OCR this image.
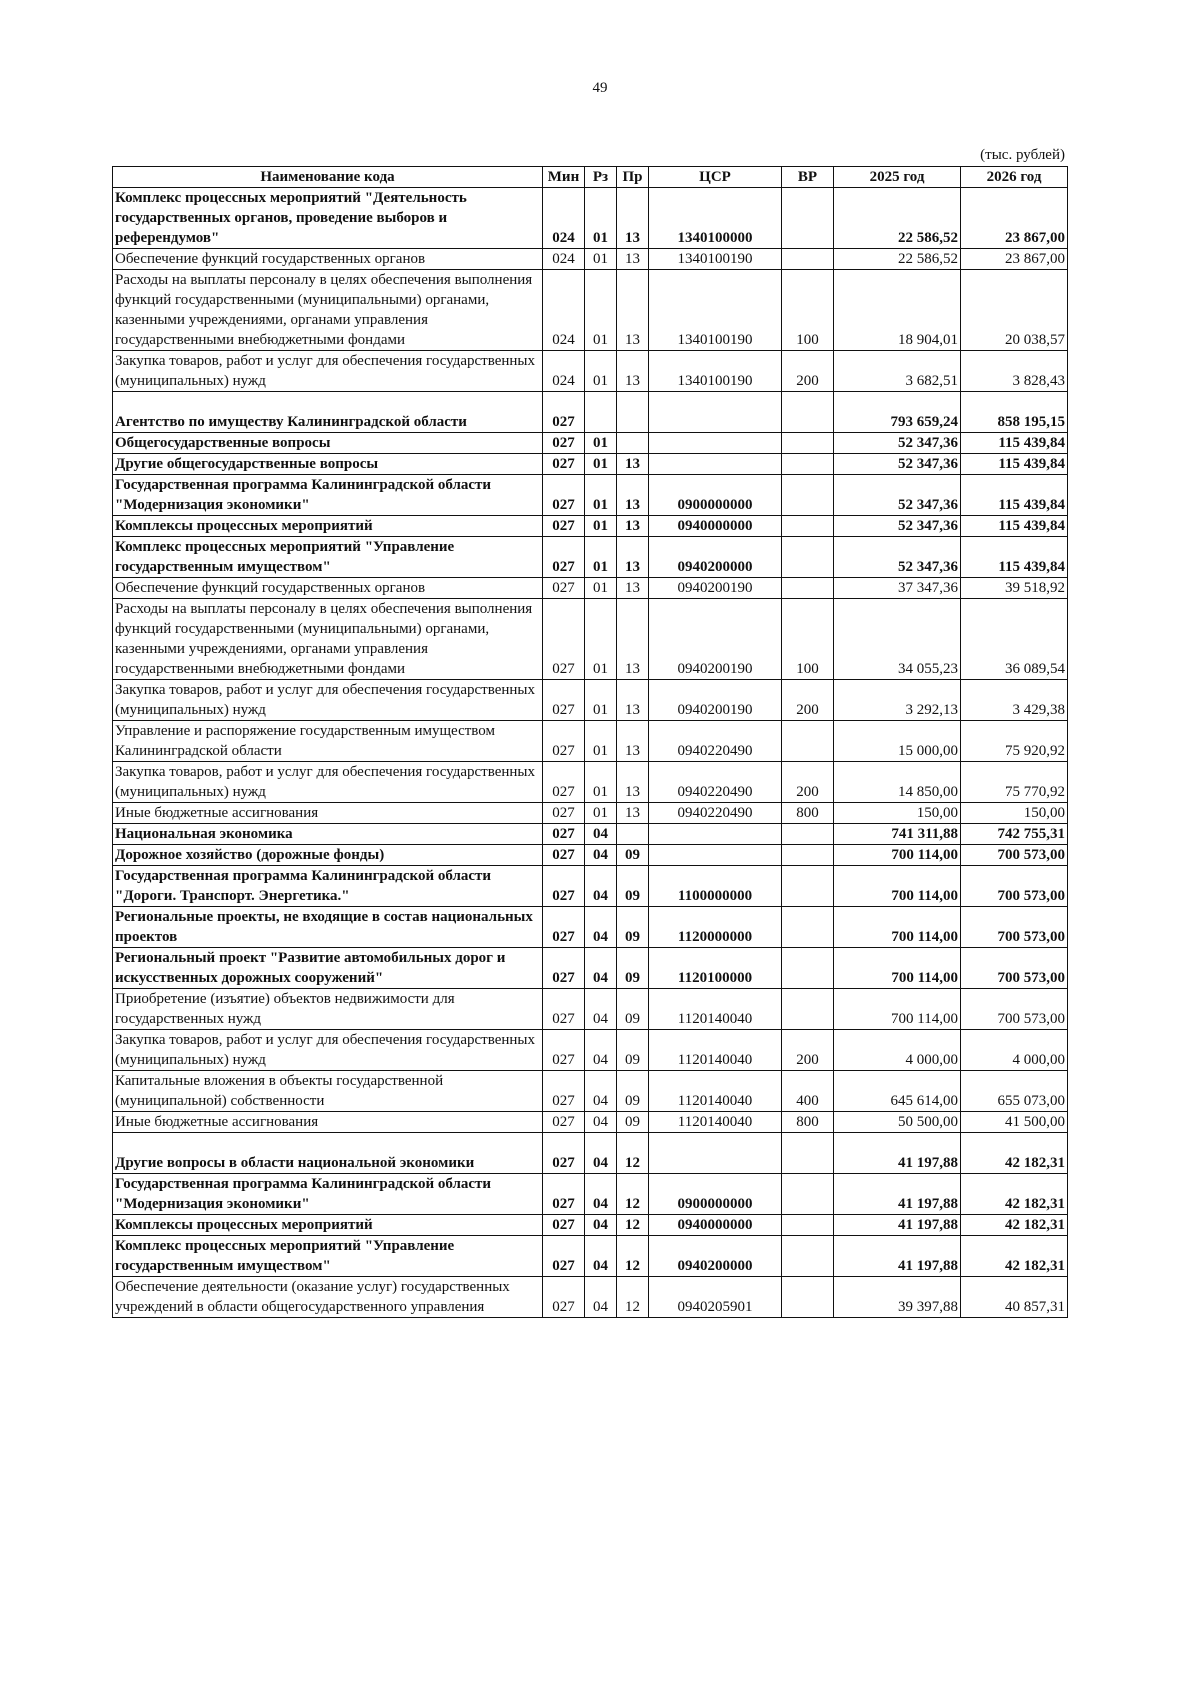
49
(тыс. рублей)
Наименование кода	Мин	Рз	Пр	ЦСР	ВР	2025 год	2026 год
Комплекс процессных мероприятий "Деятельность государственных органов, проведение выборов и референдумов"	024	01	13	1340100000		22 586,52	23 867,00
Обеспечение функций государственных органов	024	01	13	1340100190		22 586,52	23 867,00
Расходы на выплаты персоналу в целях обеспечения выполнения функций государственными (муниципальными) органами, казенными учреждениями, органами управления государственными внебюджетными фондами	024	01	13	1340100190	100	18 904,01	20 038,57
Закупка товаров, работ и услуг для обеспечения государственных (муниципальных) нужд	024	01	13	1340100190	200	3 682,51	3 828,43
Агентство по имуществу Калининградской области	027					793 659,24	858 195,15
Общегосударственные вопросы	027	01				52 347,36	115 439,84
Другие общегосударственные вопросы	027	01	13			52 347,36	115 439,84
Государственная программа Калининградской области "Модернизация экономики"	027	01	13	0900000000		52 347,36	115 439,84
Комплексы процессных мероприятий	027	01	13	0940000000		52 347,36	115 439,84
Комплекс процессных мероприятий "Управление государственным имуществом"	027	01	13	0940200000		52 347,36	115 439,84
Обеспечение функций государственных органов	027	01	13	0940200190		37 347,36	39 518,92
Расходы на выплаты персоналу в целях обеспечения выполнения функций государственными (муниципальными) органами, казенными учреждениями, органами управления государственными внебюджетными фондами	027	01	13	0940200190	100	34 055,23	36 089,54
Закупка товаров, работ и услуг для обеспечения государственных (муниципальных) нужд	027	01	13	0940200190	200	3 292,13	3 429,38
Управление и распоряжение государственным имуществом Калининградской области	027	01	13	0940220490		15 000,00	75 920,92
Закупка товаров, работ и услуг для обеспечения государственных (муниципальных) нужд	027	01	13	0940220490	200	14 850,00	75 770,92
Иные бюджетные ассигнования	027	01	13	0940220490	800	150,00	150,00
Национальная экономика	027	04				741 311,88	742 755,31
Дорожное хозяйство (дорожные фонды)	027	04	09			700 114,00	700 573,00
Государственная программа Калининградской области "Дороги. Транспорт. Энергетика."	027	04	09	1100000000		700 114,00	700 573,00
Региональные проекты, не входящие в состав национальных проектов	027	04	09	1120000000		700 114,00	700 573,00
Региональный проект "Развитие автомобильных дорог и искусственных дорожных сооружений"	027	04	09	1120100000		700 114,00	700 573,00
Приобретение (изъятие) объектов недвижимости для государственных нужд	027	04	09	1120140040		700 114,00	700 573,00
Закупка товаров, работ и услуг для обеспечения государственных (муниципальных) нужд	027	04	09	1120140040	200	4 000,00	4 000,00
Капитальные вложения в объекты государственной (муниципальной) собственности	027	04	09	1120140040	400	645 614,00	655 073,00
Иные бюджетные ассигнования	027	04	09	1120140040	800	50 500,00	41 500,00
Другие вопросы в области национальной экономики	027	04	12			41 197,88	42 182,31
Государственная программа Калининградской области "Модернизация экономики"	027	04	12	0900000000		41 197,88	42 182,31
Комплексы процессных мероприятий	027	04	12	0940000000		41 197,88	42 182,31
Комплекс процессных мероприятий "Управление государственным имуществом"	027	04	12	0940200000		41 197,88	42 182,31
Обеспечение деятельности (оказание услуг) государственных учреждений в области общегосударственного управления	027	04	12	0940205901		39 397,88	40 857,31
